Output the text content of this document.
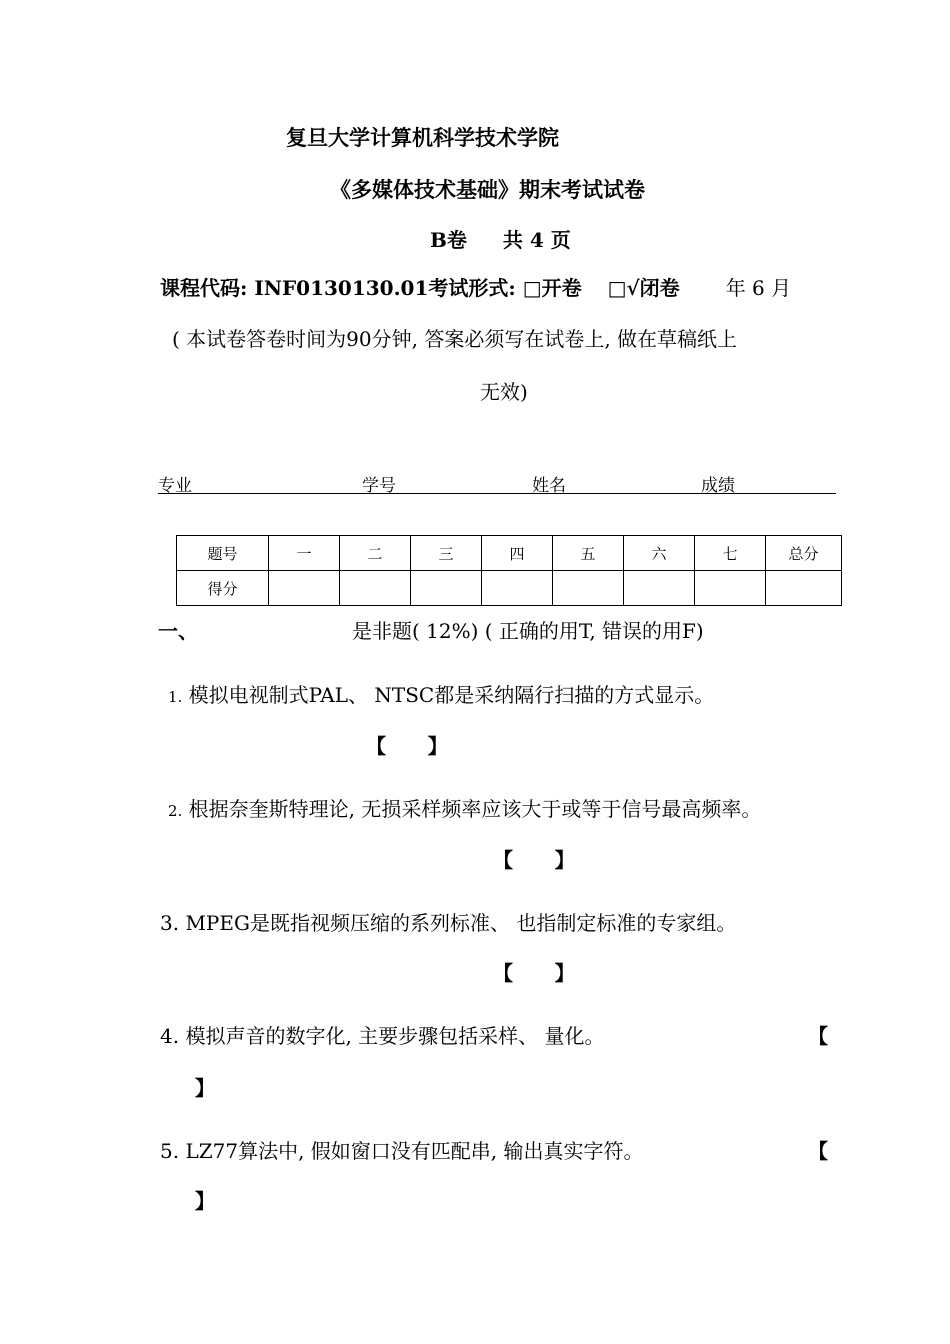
复旦大学计算机科学技术学院
《多媒体技术基础》期末考试试卷
B卷 共 4 页
课程代码: INF0130130.01考试形式: □开卷 □√闭卷 年 6 月
( 本试卷答卷时间为90分钟, 答案必须写在试卷上, 做在草稿纸上
无效)
专业	学号	姓名	成绩
题号	一	二	三	四	五	六	七	总分
得分								
一、	是非题( 12%) ( 正确的用T, 错误的用F)
1. 模拟电视制式PAL、 NTSC都是采纳隔行扫描的方式显示。
【      】
2. 根据奈奎斯特理论, 无损采样频率应该大于或等于信号最高频率。
【      】
3. MPEG是既指视频压缩的系列标准、 也指制定标准的专家组。
【      】
4. 模拟声音的数字化, 主要步骤包括采样、 量化。	【
】
5. LZ77算法中, 假如窗口没有匹配串, 输出真实字符。	【
】
